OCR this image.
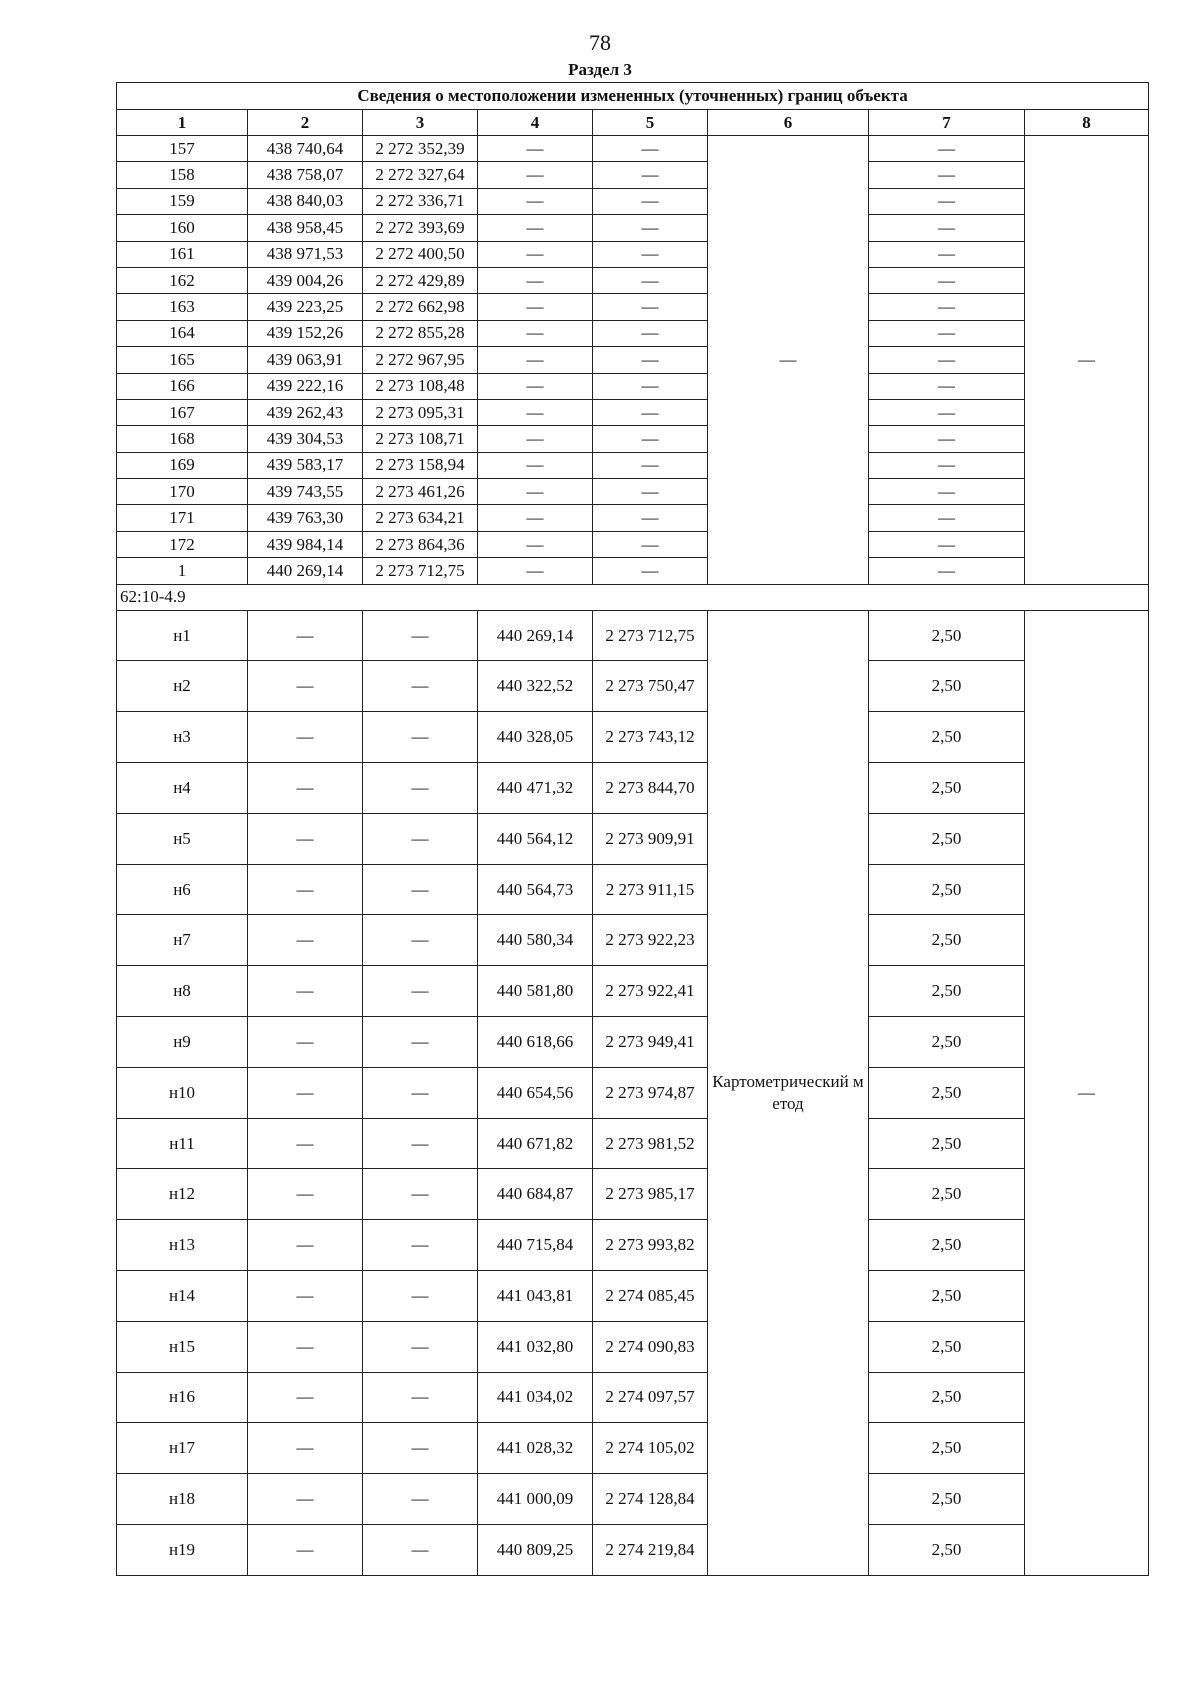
78
Раздел 3
Сведения о местоположении измененных (уточненных) границ объекта							
1	2	3	4	5	6	7	8
157	438 740,64	2 272 352,39	—	—	—	—	—
158	438 758,07	2 272 327,64	—	—		—	
159	438 840,03	2 272 336,71	—	—		—	
160	438 958,45	2 272 393,69	—	—		—	
161	438 971,53	2 272 400,50	—	—		—	
162	439 004,26	2 272 429,89	—	—		—	
163	439 223,25	2 272 662,98	—	—		—	
164	439 152,26	2 272 855,28	—	—		—	
165	439 063,91	2 272 967,95	—	—		—	
166	439 222,16	2 273 108,48	—	—		—	
167	439 262,43	2 273 095,31	—	—		—	
168	439 304,53	2 273 108,71	—	—		—	
169	439 583,17	2 273 158,94	—	—		—	
170	439 743,55	2 273 461,26	—	—		—	
171	439 763,30	2 273 634,21	—	—		—	
172	439 984,14	2 273 864,36	—	—		—	
1	440 269,14	2 273 712,75	—	—		—	
62:10-4.9							
н1	—	—	440 269,14	2 273 712,75	Картометрический метод	2,50	—
н2	—	—	440 322,52	2 273 750,47		2,50	
н3	—	—	440 328,05	2 273 743,12		2,50	
н4	—	—	440 471,32	2 273 844,70		2,50	
н5	—	—	440 564,12	2 273 909,91		2,50	
н6	—	—	440 564,73	2 273 911,15		2,50	
н7	—	—	440 580,34	2 273 922,23		2,50	
н8	—	—	440 581,80	2 273 922,41		2,50	
н9	—	—	440 618,66	2 273 949,41		2,50	
н10	—	—	440 654,56	2 273 974,87		2,50	
н11	—	—	440 671,82	2 273 981,52		2,50	
н12	—	—	440 684,87	2 273 985,17		2,50	
н13	—	—	440 715,84	2 273 993,82		2,50	
н14	—	—	441 043,81	2 274 085,45		2,50	
н15	—	—	441 032,80	2 274 090,83		2,50	
н16	—	—	441 034,02	2 274 097,57		2,50	
н17	—	—	441 028,32	2 274 105,02		2,50	
н18	—	—	441 000,09	2 274 128,84		2,50	
н19	—	—	440 809,25	2 274 219,84		2,50	
